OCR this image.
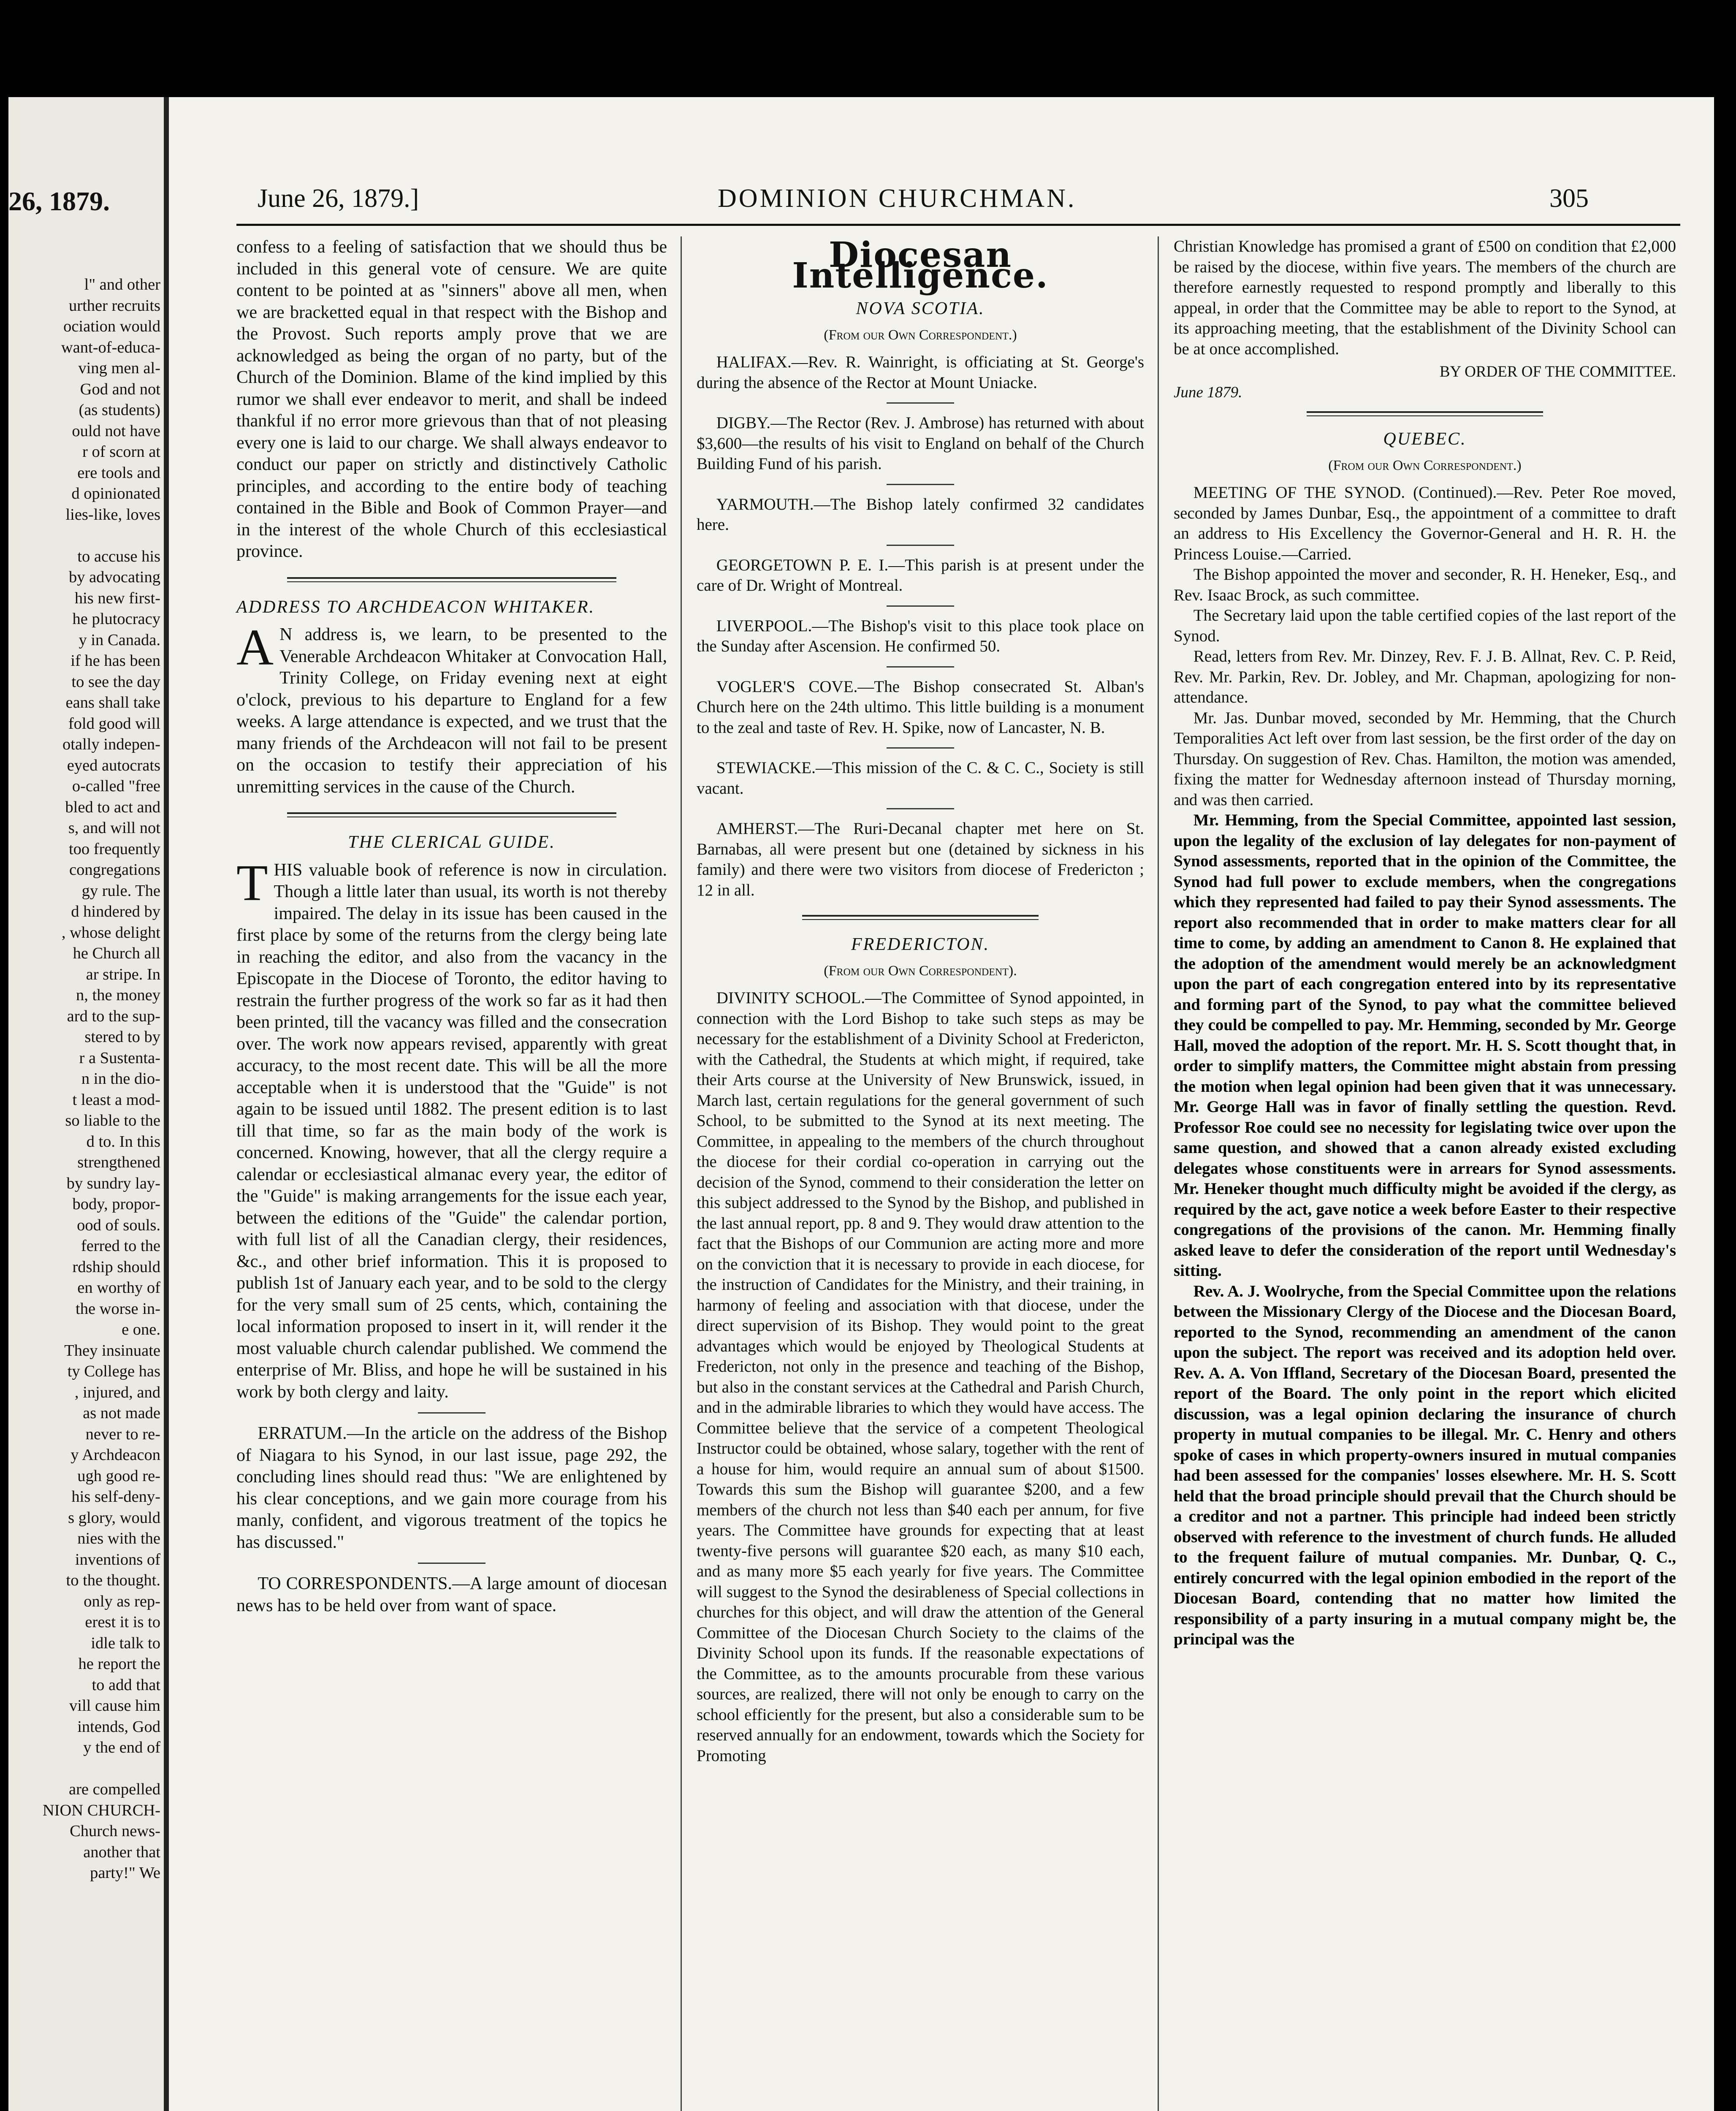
26, 1879.
l" and other
urther recruits
ociation would
want-of-educa-
ving men al-
God and not
(as students)
ould not have
r of scorn at
ere tools and
d opinionated
lies-like, loves

to accuse his
by advocating
his new first-
he plutocracy
y in Canada.
if he has been
to see the day
eans shall take
fold good will
otally indepen-
eyed autocrats
o-called "free
bled to act and
s, and will not
too frequently
congregations
gy rule. The
d hindered by
, whose delight
he Church all
ar stripe. In
n, the money
ard to the sup-
stered to by
r a Sustenta-
n in the dio-
t least a mod-
so liable to the
d to. In this
strengthened
by sundry lay-
body, propor-
ood of souls.
ferred to the
rdship should
en worthy of
the worse in-
e one.
They insinuate
ty College has
, injured, and
as not made
never to re-
y Archdeacon
ugh good re-
his self-deny-
s glory, would
nies with the
inventions of
to the thought.
only as rep-
erest it is to
idle talk to
he report the
to add that
vill cause him
intends, God
y the end of

are compelled
NION CHURCH-
Church news-
another that
party!" We
June 26, 1879.]	DOMINION CHURCHMAN.	305

confess to a feeling of satisfaction that we should thus be included in this general vote of censure. We are quite content to be pointed at as "sinners" above all men, when we are bracketted equal in that respect with the Bishop and the Provost. Such reports amply prove that we are acknowledged as being the organ of no party, but of the Church of the Dominion. Blame of the kind implied by this rumor we shall ever endeavor to merit, and shall be indeed thankful if no error more grievous than that of not pleasing every one is laid to our charge. We shall always endeavor to conduct our paper on strictly and distinctively Catholic principles, and according to the entire body of teaching contained in the Bible and Book of Common Prayer—and in the interest of the whole Church of this ecclesiastical province.

ADDRESS TO ARCHDEACON WHITAKER.

A N address is, we learn, to be presented to the Venerable Archdeacon Whitaker at Convocation Hall, Trinity College, on Friday evening next at eight o'clock, previous to his departure to England for a few weeks. A large attendance is expected, and we trust that the many friends of the Archdeacon will not fail to be present on the occasion to testify their appreciation of his unremitting services in the cause of the Church.

THE CLERICAL GUIDE.

THIS valuable book of reference is now in circulation. Though a little later than usual, its worth is not thereby impaired. The delay in its issue has been caused in the first place by some of the returns from the clergy being late in reaching the editor, and also from the vacancy in the Episcopate in the Diocese of Toronto, the editor having to restrain the further progress of the work so far as it had then been printed, till the vacancy was filled and the consecration over. The work now appears revised, apparently with great accuracy, to the most recent date. This will be all the more acceptable when it is understood that the "Guide" is not again to be issued until 1882. The present edition is to last till that time, so far as the main body of the work is concerned. Knowing, however, that all the clergy require a calendar or ecclesiastical almanac every year, the editor of the "Guide" is making arrangements for the issue each year, between the editions of the "Guide" the calendar portion, with full list of all the Canadian clergy, their residences, &c., and other brief information. This it is proposed to publish 1st of January each year, and to be sold to the clergy for the very small sum of 25 cents, which, containing the local information proposed to insert in it, will render it the most valuable church calendar published. We commend the enterprise of Mr. Bliss, and hope he will be sustained in his work by both clergy and laity.

ERRATUM.—In the article on the address of the Bishop of Niagara to his Synod, in our last issue, page 292, the concluding lines should read thus: "We are enlightened by his clear conceptions, and we gain more courage from his manly, confident, and vigorous treatment of the topics he has discussed."

TO CORRESPONDENTS.—A large amount of diocesan news has to be held over from want of space.

Diocesan Intelligence.
NOVA SCOTIA.
(From our Own Correspondent.)

HALIFAX.—Rev. R. Wainright, is officiating at St. George's during the absence of the Rector at Mount Uniacke.

DIGBY.—The Rector (Rev. J. Ambrose) has returned with about $3,600—the results of his visit to England on behalf of the Church Building Fund of his parish.

YARMOUTH.—The Bishop lately confirmed 32 candidates here.

GEORGETOWN P. E. I.—This parish is at present under the care of Dr. Wright of Montreal.

LIVERPOOL.—The Bishop's visit to this place took place on the Sunday after Ascension. He confirmed 50.

VOGLER'S COVE.—The Bishop consecrated St. Alban's Church here on the 24th ultimo. This little building is a monument to the zeal and taste of Rev. H. Spike, now of Lancaster, N. B.

STEWIACKE.—This mission of the C. & C. C., Society is still vacant.

AMHERST.—The Ruri-Decanal chapter met here on St. Barnabas, all were present but one (detained by sickness in his family) and there were two visitors from diocese of Fredericton ; 12 in all.

FREDERICTON.
(From our Own Correspondent).

DIVINITY SCHOOL.—The Committee of Synod appointed, in connection with the Lord Bishop to take such steps as may be necessary for the establishment of a Divinity School at Fredericton, with the Cathedral, the Students at which might, if required, take their Arts course at the University of New Brunswick, issued, in March last, certain regulations for the general government of such School, to be submitted to the Synod at its next meeting. The Committee, in appealing to the members of the church throughout the diocese for their cordial co-operation in carrying out the decision of the Synod, commend to their consideration the letter on this subject addressed to the Synod by the Bishop, and published in the last annual report, pp. 8 and 9. They would draw attention to the fact that the Bishops of our Communion are acting more and more on the conviction that it is necessary to provide in each diocese, for the instruction of Candidates for the Ministry, and their training, in harmony of feeling and association with that diocese, under the direct supervision of its Bishop. They would point to the great advantages which would be enjoyed by Theological Students at Fredericton, not only in the presence and teaching of the Bishop, but also in the constant services at the Cathedral and Parish Church, and in the admirable libraries to which they would have access. The Committee believe that the service of a competent Theological Instructor could be obtained, whose salary, together with the rent of a house for him, would require an annual sum of about $1500. Towards this sum the Bishop will guarantee $200, and a few members of the church not less than $40 each per annum, for five years. The Committee have grounds for expecting that at least twenty-five persons will guarantee $20 each, as many $10 each, and as many more $5 each yearly for five years. The Committee will suggest to the Synod the desirableness of Special collections in churches for this object, and will draw the attention of the General Committee of the Diocesan Church Society to the claims of the Divinity School upon its funds. If the reasonable expectations of the Committee, as to the amounts procurable from these various sources, are realized, there will not only be enough to carry on the school efficiently for the present, but also a considerable sum to be reserved annually for an endowment, towards which the Society for Promoting

Christian Knowledge has promised a grant of £500 on condition that £2,000 be raised by the diocese, within five years. The members of the church are therefore earnestly requested to respond promptly and liberally to this appeal, in order that the Committee may be able to report to the Synod, at its approaching meeting, that the establishment of the Divinity School can be at once accomplished.

BY ORDER OF THE COMMITTEE.
June 1879.
QUEBEC.
(From our Own Correspondent.)

MEETING OF THE SYNOD. (Continued).—Rev. Peter Roe moved, seconded by James Dunbar, Esq., the appointment of a committee to draft an address to His Excellency the Governor-General and H. R. H. the Princess Louise.—Carried.

The Bishop appointed the mover and seconder, R. H. Heneker, Esq., and Rev. Isaac Brock, as such committee.

The Secretary laid upon the table certified copies of the last report of the Synod.

Read, letters from Rev. Mr. Dinzey, Rev. F. J. B. Allnat, Rev. C. P. Reid, Rev. Mr. Parkin, Rev. Dr. Jobley, and Mr. Chapman, apologizing for non-attendance.

Mr. Jas. Dunbar moved, seconded by Mr. Hemming, that the Church Temporalities Act left over from last session, be the first order of the day on Thursday. On suggestion of Rev. Chas. Hamilton, the motion was amended, fixing the matter for Wednesday afternoon instead of Thursday morning, and was then carried.

Mr. Hemming, from the Special Committee, appointed last session, upon the legality of the exclusion of lay delegates for non-payment of Synod assessments, reported that in the opinion of the Committee, the Synod had full power to exclude members, when the congregations which they represented had failed to pay their Synod assessments. The report also recommended that in order to make matters clear for all time to come, by adding an amendment to Canon 8. He explained that the adoption of the amendment would merely be an acknowledgment upon the part of each congregation entered into by its representative and forming part of the Synod, to pay what the committee believed they could be compelled to pay. Mr. Hemming, seconded by Mr. George Hall, moved the adoption of the report. Mr. H. S. Scott thought that, in order to simplify matters, the Committee might abstain from pressing the motion when legal opinion had been given that it was unnecessary. Mr. George Hall was in favor of finally settling the question. Revd. Professor Roe could see no necessity for legislating twice over upon the same question, and showed that a canon already existed excluding delegates whose constituents were in arrears for Synod assessments. Mr. Heneker thought much difficulty might be avoided if the clergy, as required by the act, gave notice a week before Easter to their respective congregations of the provisions of the canon. Mr. Hemming finally asked leave to defer the consideration of the report until Wednesday's sitting.

Rev. A. J. Woolryche, from the Special Committee upon the relations between the Missionary Clergy of the Diocese and the Diocesan Board, reported to the Synod, recommending an amendment of the canon upon the subject. The report was received and its adoption held over. Rev. A. A. Von Iffland, Secretary of the Diocesan Board, presented the report of the Board. The only point in the report which elicited discussion, was a legal opinion declaring the insurance of church property in mutual companies to be illegal. Mr. C. Henry and others spoke of cases in which property-owners insured in mutual companies had been assessed for the companies' losses elsewhere. Mr. H. S. Scott held that the broad principle should prevail that the Church should be a creditor and not a partner. This principle had indeed been strictly observed with reference to the investment of church funds. He alluded to the frequent failure of mutual companies. Mr. Dunbar, Q. C., entirely concurred with the legal opinion embodied in the report of the Diocesan Board, contending that no matter how limited the responsibility of a party insuring in a mutual company might be, the principal was the
